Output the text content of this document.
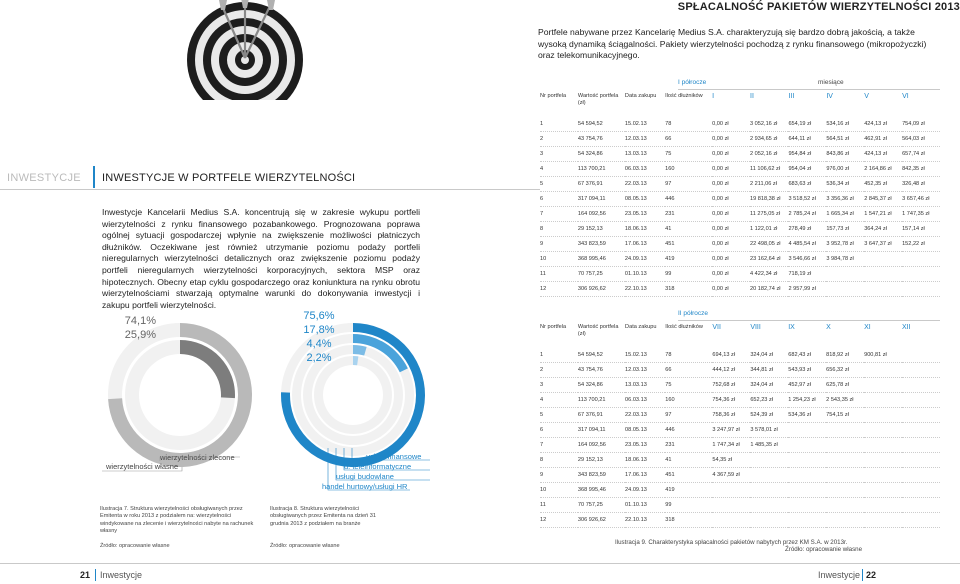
SPŁACALNOŚĆ PAKIETÓW WIERZYTELNOŚCI 2013
Portfele nabywane przez Kancelarię Medius S.A. charakteryzują się bardzo dobrą jakością, a także wysoką dynamiką ściągalności. Pakiety wierzytelności pochodzą z rynku finansowego (mikropożyczki) oraz telekomunikacyjnego.
I półrocze	miesiące
Nr portfela	Wartość portfela (zł)	Data zakupu	Ilość dłużników	I	II	III	IV	V	VI
1	54 594,52	15.02.13	78	0,00 zł	3 052,16 zł	654,19 zł	534,16 zł	424,13 zł	754,09 zł
2	43 754,76	12.03.13	66	0,00 zł	2 934,65 zł	644,11 zł	564,51 zł	462,91 zł	564,03 zł
3	54 324,86	13.03.13	75	0,00 zł	2 052,16 zł	954,84 zł	843,86 zł	424,13 zł	657,74 zł
4	113 700,21	06.03.13	160	0,00 zł	11 106,62 zł	954,04 zł	976,00 zł	2 164,86 zł	842,35 zł
5	67 376,91	22.03.13	97	0,00 zł	2 211,06 zł	683,63 zł	536,34 zł	452,35 zł	326,48 zł
6	317 094,11	08.05.13	446	0,00 zł	19 818,38 zł	3 518,52 zł	3 356,36 zł	2 845,37 zł	3 657,46 zł
7	164 092,56	23.05.13	231	0,00 zł	11 275,05 zł	2 785,24 zł	1 665,34 zł	1 547,21 zł	1 747,35 zł
8	29 152,13	18.06.13	41	0,00 zł	1 122,01 zł	278,49 zł	157,73 zł	364,24 zł	157,14 zł
9	343 823,59	17.06.13	451	0,00 zł	22 498,05 zł	4 485,54 zł	3 952,78 zł	3 647,37 zł	152,22 zł
10	368 995,46	24.09.13	419	0,00 zł	23 162,64 zł	3 546,66 zł	3 984,78 zł		
11	70 757,25	01.10.13	99	0,00 zł	4 422,34 zł	718,19 zł			
12	306 926,62	22.10.13	318	0,00 zł	20 182,74 zł	2 957,99 zł			
INWESTYCJE INWESTYCJE W PORTFELE WIERZYTELNOŚCI
Inwestycje Kancelarii Medius S.A. koncentrują się w zakresie wykupu portfeli wierzytelności z rynku finansowego pozabankowego. Prognozowana poprawa ogólnej sytuacji gospodarczej wpłynie na zwiększenie możliwości płatniczych dłużników. Oczekiwane jest również utrzymanie poziomu podaży portfeli nieregularnych wierzytelności detalicznych oraz zwiększenie poziomu podaży portfeli nieregularnych wierzytelności korporacyjnych, sektora MSP oraz hipotecznych. Obecny etap cyklu gospodarczego oraz koniunktura na rynku obrotu wierzytelnościami stwarzają optymalne warunki do dokonywania inwestycji i zakupu portfeli wierzytelności.
74,1%
25,9%
wierzytelności zlecone
wierzytelności własne
75,6%
17,8%
4,4%
2,2%
usługi finansowe
u. teleinformatyczne
usługi budowlane
handel hurtowy/usługi HR
Ilustracja 7. Struktura wierzytelności obsługiwanych przez Emitenta w roku 2013 z podziałem na: wierzytelności windykowane na zlecenie i wierzytelności nabyte na rachunek własny
Źródło: opracowanie własne
Ilustracja 8. Struktura wierzytelności obsługiwanych przez Emitenta na dzień 31 grudnia 2013 z podziałem na branże
Źródło: opracowanie własne
II półrocze
Nr portfela	Wartość portfela (zł)	Data zakupu	Ilość dłużników	VII	VIII	IX	X	XI	XII
1	54 594,52	15.02.13	78	694,13 zł	324,04 zł	682,43 zł	818,92 zł	900,81 zł	
2	43 754,76	12.03.13	66	444,12 zł	344,81 zł	543,93 zł	656,32 zł		
3	54 324,86	13.03.13	75	752,68 zł	324,04 zł	452,97 zł	625,78 zł		
4	113 700,21	06.03.13	160	754,36 zł	652,23 zł	1 254,23 zł	2 543,35 zł		
5	67 376,91	22.03.13	97	758,36 zł	524,39 zł	534,36 zł	754,15 zł		
6	317 094,11	08.05.13	446	3 247,97 zł	3 578,01 zł				
7	164 092,56	23.05.13	231	1 747,34 zł	1 485,35 zł				
8	29 152,13	18.06.13	41	54,35 zł					
9	343 823,59	17.06.13	451	4 367,59 zł					
10	368 995,46	24.09.13	419						
11	70 757,25	01.10.13	99						
12	306 926,62	22.10.13	318						
Ilustracja 9. Charakterystyka spłacalności pakietów nabytych przez KM S.A. w 2013r.
Źródło: opracowanie własne
21 Inwestycje	Inwestycje 22
